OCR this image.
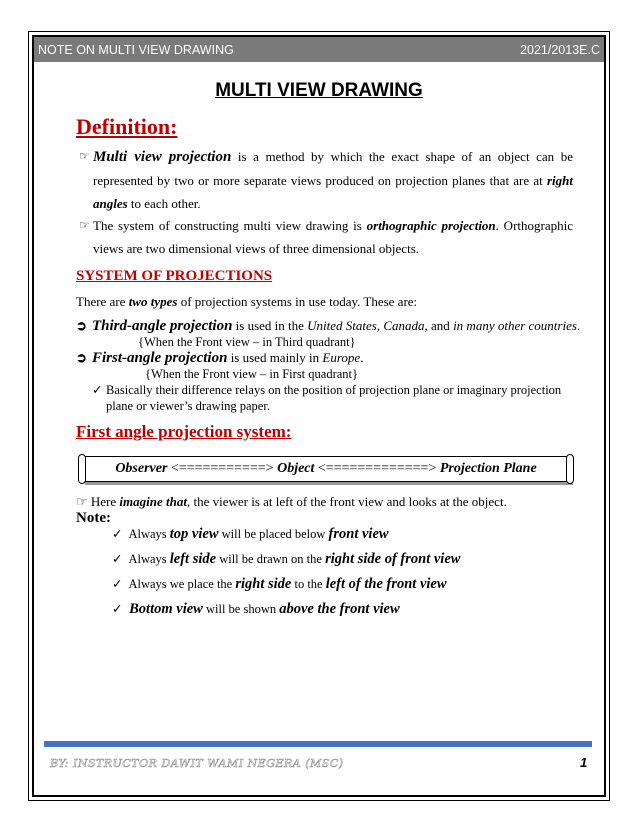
NOTE ON MULTI VIEW DRAWING	2021/2013E.C
MULTI VIEW DRAWING
Definition:
☞ Multi view projection is a method by which the exact shape of an object can be represented by two or more separate views produced on projection planes that are at right angles to each other.
☞ The system of constructing multi view drawing is orthographic projection. Orthographic views are two dimensional views of three dimensional objects.
SYSTEM OF PROJECTIONS
There are two types of projection systems in use today. These are:
➲ Third-angle projection is used in the United States, Canada, and in many other countries.
{When the Front view – in Third quadrant}
➲ First-angle projection is used mainly in Europe.
{When the Front view – in First quadrant}
✓ Basically their difference relays on the position of projection plane or imaginary projection
plane or viewer’s drawing paper.
First angle projection system:
Observer <===========> Object <=============> Projection Plane
☞ Here imagine that, the viewer is at left of the front view and looks at the object.
Note:
✓ Always top view will be placed below front view
✓ Always left side will be drawn on the right side of front view
✓ Always we place the right side to the left of the front view
✓ Bottom view will be shown above the front view
BY: INSTRUCTOR DAWIT WAMI NEGERA (MSC)	1
